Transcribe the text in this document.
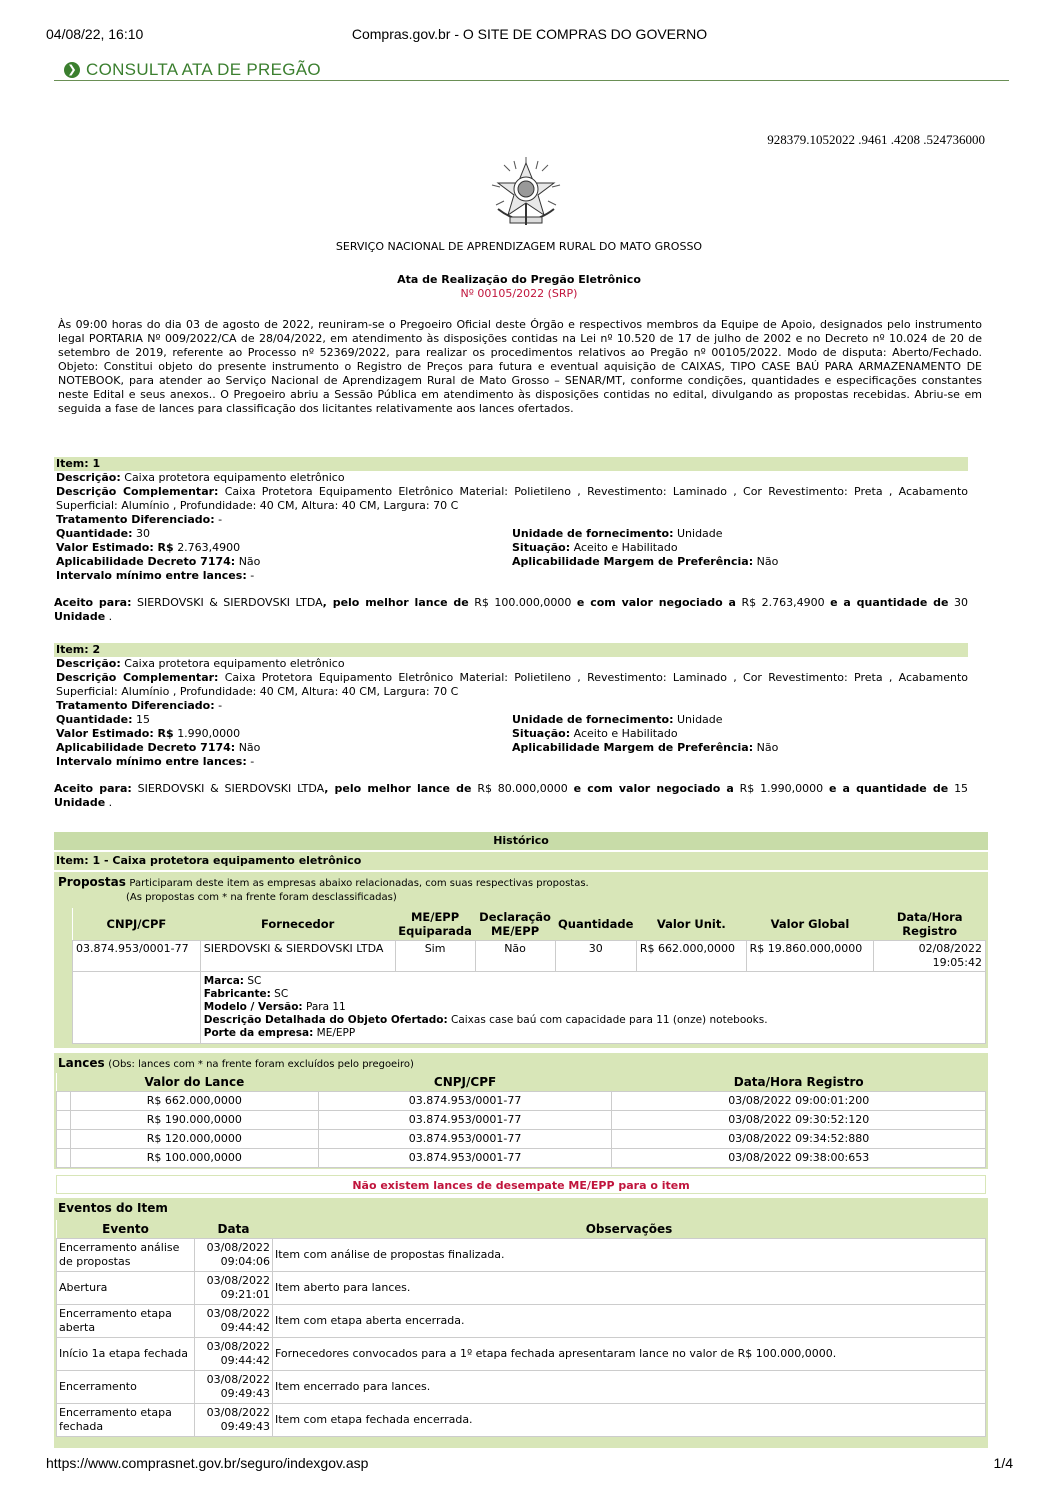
04/08/22, 16:10	Compras.gov.br - O SITE DE COMPRAS DO GOVERNO
❯ CONSULTA ATA DE PREGÃO
928379.1052022 .9461 .4208 .524736000
SERVIÇO NACIONAL DE APRENDIZAGEM RURAL DO MATO GROSSO
Ata de Realização do Pregão Eletrônico
Nº 00105/2022 (SRP)
Às 09:00 horas do dia 03 de agosto de 2022, reuniram-se o Pregoeiro Oficial deste Órgão e respectivos membros da Equipe de Apoio, designados pelo instrumento legal PORTARIA Nº 009/2022/CA de 28/04/2022, em atendimento às disposições contidas na Lei nº 10.520 de 17 de julho de 2002 e no Decreto nº 10.024 de 20 de setembro de 2019, referente ao Processo nº 52369/2022, para realizar os procedimentos relativos ao Pregão nº 00105/2022. Modo de disputa: Aberto/Fechado. Objeto: Constitui objeto do presente instrumento o Registro de Preços para futura e eventual aquisição de CAIXAS, TIPO CASE BAÚ PARA ARMAZENAMENTO DE NOTEBOOK, para atender ao Serviço Nacional de Aprendizagem Rural de Mato Grosso – SENAR/MT, conforme condições, quantidades e especificações constantes neste Edital e seus anexos.. O Pregoeiro abriu a Sessão Pública em atendimento às disposições contidas no edital, divulgando as propostas recebidas. Abriu-se em seguida a fase de lances para classificação dos licitantes relativamente aos lances ofertados.
Item: 1
Descrição: Caixa protetora equipamento eletrônico
Descrição Complementar: Caixa Protetora Equipamento Eletrônico Material: Polietileno , Revestimento: Laminado , Cor Revestimento: Preta , Acabamento Superficial: Alumínio , Profundidade: 40 CM, Altura: 40 CM, Largura: 70 C
Tratamento Diferenciado: -
Quantidade: 30	Unidade de fornecimento: Unidade
Valor Estimado: R$ 2.763,4900	Situação: Aceito e Habilitado
Aplicabilidade Decreto 7174: Não	Aplicabilidade Margem de Preferência: Não
Intervalo mínimo entre lances: -
Aceito para: SIERDOVSKI & SIERDOVSKI LTDA, pelo melhor lance de R$ 100.000,0000 e com valor negociado a R$ 2.763,4900 e a quantidade de 30 Unidade .
Item: 2
Descrição: Caixa protetora equipamento eletrônico
Descrição Complementar: Caixa Protetora Equipamento Eletrônico Material: Polietileno , Revestimento: Laminado , Cor Revestimento: Preta , Acabamento Superficial: Alumínio , Profundidade: 40 CM, Altura: 40 CM, Largura: 70 C
Tratamento Diferenciado: -
Quantidade: 15	Unidade de fornecimento: Unidade
Valor Estimado: R$ 1.990,0000	Situação: Aceito e Habilitado
Aplicabilidade Decreto 7174: Não	Aplicabilidade Margem de Preferência: Não
Intervalo mínimo entre lances: -
Aceito para: SIERDOVSKI & SIERDOVSKI LTDA, pelo melhor lance de R$ 80.000,0000 e com valor negociado a R$ 1.990,0000 e a quantidade de 15 Unidade .
Histórico
Item: 1 - Caixa protetora equipamento eletrônico
Propostas Participaram deste item as empresas abaixo relacionadas, com suas respectivas propostas.
(As propostas com * na frente foram desclassificadas)
CNPJ/CPF	Fornecedor	ME/EPP Equiparada	Declaração ME/EPP	Quantidade	Valor Unit.	Valor Global	Data/Hora Registro
03.874.953/0001-77	SIERDOVSKI & SIERDOVSKI LTDA	Sim	Não	30	R$ 662.000,0000	R$ 19.860.000,0000	02/08/2022
19:05:42

	Marca: SC
Fabricante: SC
Modelo / Versão: Para 11
Descrição Detalhada do Objeto Ofertado: Caixas case baú com capacidade para 11 (onze) notebooks.
Porte da empresa: ME/EPP						
Lances (Obs: lances com * na frente foram excluídos pelo pregoeiro)
	Valor do Lance	CNPJ/CPF	Data/Hora Registro
	R$ 662.000,0000	03.874.953/0001-77	03/08/2022 09:00:01:200
	R$ 190.000,0000	03.874.953/0001-77	03/08/2022 09:30:52:120
	R$ 120.000,0000	03.874.953/0001-77	03/08/2022 09:34:52:880
	R$ 100.000,0000	03.874.953/0001-77	03/08/2022 09:38:00:653
Não existem lances de desempate ME/EPP para o item
Eventos do Item
Evento	Data	Observações
Encerramento análise de propostas	03/08/2022
09:04:06	Item com análise de propostas finalizada.
Abertura	03/08/2022
09:21:01	Item aberto para lances.
Encerramento etapa aberta	03/08/2022
09:44:42	Item com etapa aberta encerrada.
Início 1a etapa fechada	03/08/2022
09:44:42	Fornecedores convocados para a 1º etapa fechada apresentaram lance no valor de R$ 100.000,0000.
Encerramento	03/08/2022
09:49:43	Item encerrado para lances.
Encerramento etapa fechada	03/08/2022
09:49:43	Item com etapa fechada encerrada.
https://www.comprasnet.gov.br/seguro/indexgov.asp	1/4
